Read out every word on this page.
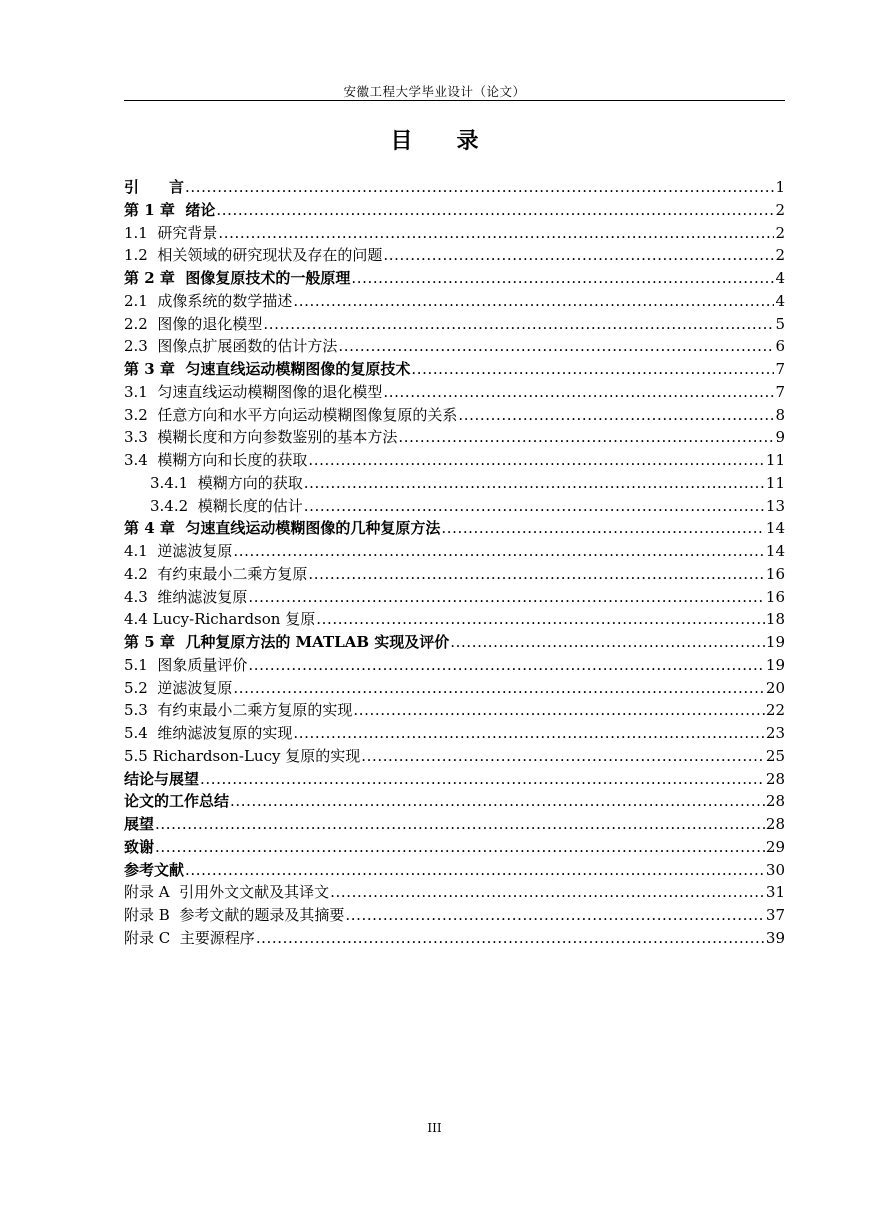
安徽工程大学毕业设计（论文）
目 录
引　　言 .....	1
第 1 章 绪论 .....	2
1.1 研究背景 .....	2
1.2 相关领域的研究现状及存在的问题 .....	2
第 2 章 图像复原技术的一般原理 .....	4
2.1 成像系统的数学描述 .....	4
2.2 图像的退化模型 .....	5
2.3 图像点扩展函数的估计方法 .....	6
第 3 章 匀速直线运动模糊图像的复原技术 .....	7
3.1 匀速直线运动模糊图像的退化模型 .....	7
3.2 任意方向和水平方向运动模糊图像复原的关系 .....	8
3.3 模糊长度和方向参数鉴别的基本方法 .....	9
3.4 模糊方向和长度的获取 .....	11
3.4.1 模糊方向的获取 .....	11
3.4.2 模糊长度的估计 .....	13
第 4 章 匀速直线运动模糊图像的几种复原方法 .....	14
4.1 逆滤波复原 .....	14
4.2 有约束最小二乘方复原 .....	16
4.3 维纳滤波复原 .....	16
4.4 Lucy-Richardson 复原 .....	18
第 5 章 几种复原方法的 MATLAB 实现及评价 .....	19
5.1 图象质量评价 .....	19
5.2 逆滤波复原 .....	20
5.3 有约束最小二乘方复原的实现 .....	22
5.4 维纳滤波复原的实现 .....	23
5.5 Richardson-Lucy 复原的实现 .....	25
结论与展望 .....	28
论文的工作总结 .....	28
展望 .....	28
致谢 .....	29
参考文献 .....	30
附录 A 引用外文文献及其译文 .....	31
附录 B 参考文献的题录及其摘要 .....	37
附录 C 主要源程序 .....	39
III
